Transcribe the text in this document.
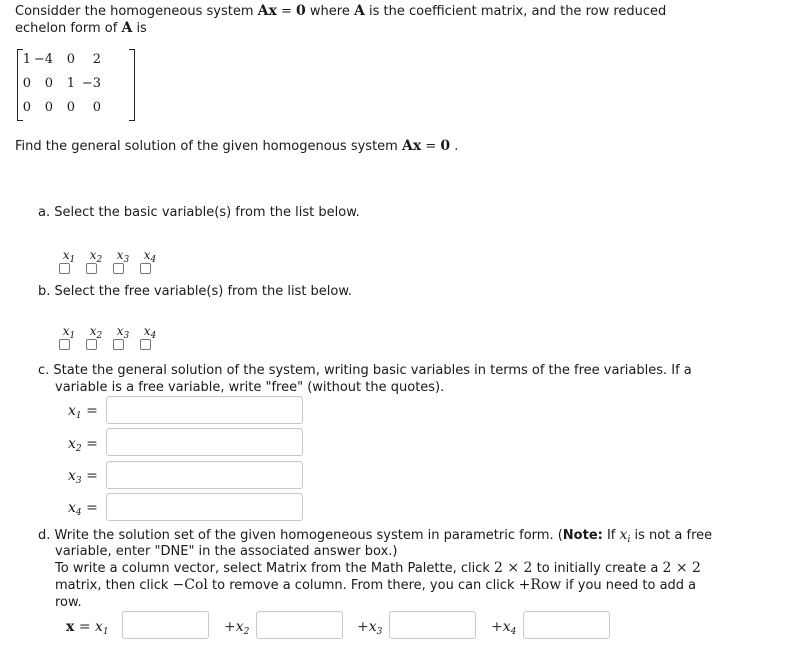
Considder the homogeneous system Ax = 0 where A is the coefficient matrix, and the row reduced
echelon form of A is
1 −4	0	2
0	0	1 −3
0	0	0	0
Find the general solution of the given homogenous system Ax = 0 .
a. Select the basic variable(s) from the list below.
$x_1$	$x_2$	$x_3$	$x_4$
b. Select the free variable(s) from the list below.
$x_1$	$x_2$	$x_3$	$x_4$
c. State the general solution of the system, writing basic variables in terms of the free variables. If a
variable is a free variable, write "free" (without the quotes).
$x_1$ =
$x_2$ =
$x_3$ =
$x_4$ =
d. Write the solution set of the given homogeneous system in parametric form. (Note: If $x_i$ is not a free
variable, enter "DNE" in the associated answer box.)
To write a column vector, select Matrix from the Math Palette, click 2 × 2 to initially create a 2 × 2
matrix, then click −Col to remove a column. From there, you can click +Row if you need to add a
row.
$x = x_1$	$+x_2$	$+x_3$	$+x_4$
